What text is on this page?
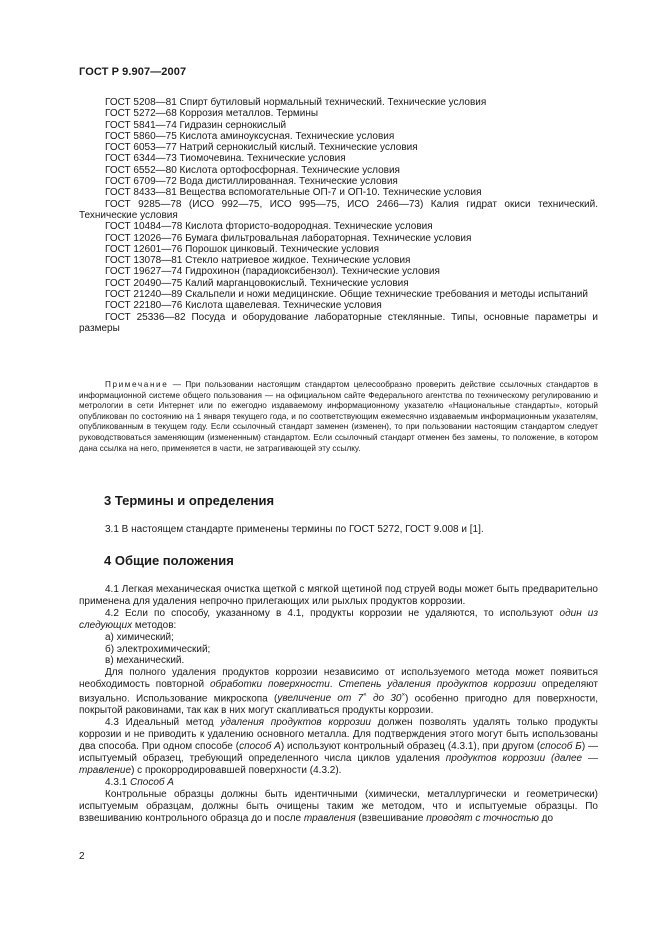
ГОСТ Р 9.907—2007

ГОСТ 5208—81 Спирт бутиловый нормальный технический. Технические условия

ГОСТ 5272—68 Коррозия металлов. Термины

ГОСТ 5841—74 Гидразин сернокислый

ГОСТ 5860—75 Кислота аминоуксусная. Технические условия

ГОСТ 6053—77 Натрий сернокислый кислый. Технические условия

ГОСТ 6344—73 Тиомочевина. Технические условия

ГОСТ 6552—80 Кислота ортофосфорная. Технические условия

ГОСТ 6709—72 Вода дистиллированная. Технические условия

ГОСТ 8433—81 Вещества вспомогательные ОП-7 и ОП-10. Технические условия

ГОСТ 9285—78 (ИСО 992—75, ИСО 995—75, ИСО 2466—73) Калия гидрат окиси технический. Технические условия

ГОСТ 10484—78 Кислота фтористо-водородная. Технические условия

ГОСТ 12026—76 Бумага фильтровальная лабораторная. Технические условия

ГОСТ 12601—76 Порошок цинковый. Технические условия

ГОСТ 13078—81 Стекло натриевое жидкое. Технические условия

ГОСТ 19627—74 Гидрохинон (парадиоксибензол). Технические условия

ГОСТ 20490—75 Калий марганцовокислый. Технические условия

ГОСТ 21240—89 Скальпели и ножи медицинские. Общие технические требования и методы испытаний

ГОСТ 22180—76 Кислота щавелевая. Технические условия

ГОСТ 25336—82 Посуда и оборудование лабораторные стеклянные. Типы, основные параметры и размеры

Примечание — При пользовании настоящим стандартом целесообразно проверить действие ссылочных стандартов в информационной системе общего пользования — на официальном сайте Федерального агентства по техническому регулированию и метрологии в сети Интернет или по ежегодно издаваемому информационному указателю «Национальные стандарты», который опубликован по состоянию на 1 января текущего года, и по соответствующим ежемесячно издаваемым информационным указателям, опубликованным в текущем году. Если ссылочный стандарт заменен (изменен), то при пользовании настоящим стандартом следует руководствоваться заменяющим (измененным) стандартом. Если ссылочный стандарт отменен без замены, то положение, в котором дана ссылка на него, применяется в части, не затрагивающей эту ссылку.

3 Термины и определения

3.1 В настоящем стандарте применены термины по ГОСТ 5272, ГОСТ 9.008 и [1].

4 Общие положения

4.1 Легкая механическая очистка щеткой с мягкой щетиной под струей воды может быть предварительно применена для удаления непрочно прилегающих или рыхлых продуктов коррозии.

4.2 Если по способу, указанному в 4.1, продукты коррозии не удаляются, то используют один из следующих методов:

а) химический;

б) электрохимический;

в) механический.

Для полного удаления продуктов коррозии независимо от используемого метода может появиться необходимость повторной обработки поверхности. Степень удаления продуктов коррозии определяют визуально. Использование микроскопа (увеличение от 7× до 30×) особенно пригодно для поверхности, покрытой раковинами, так как в них могут скапливаться продукты коррозии.

4.3 Идеальный метод удаления продуктов коррозии должен позволять удалять только продукты коррозии и не приводить к удалению основного металла. Для подтверждения этого могут быть использованы два способа. При одном способе (способ А) используют контрольный образец (4.3.1), при другом (способ Б) — испытуемый образец, требующий определенного числа циклов удаления продуктов коррозии (далее — травление) с прокорродировавшей поверхности (4.3.2).

4.3.1 Способ А

Контрольные образцы должны быть идентичными (химически, металлургически и геометрически) испытуемым образцам, должны быть очищены таким же методом, что и испытуемые образцы. По взвешиванию контрольного образца до и после травления (взвешивание проводят с точностью до

2
